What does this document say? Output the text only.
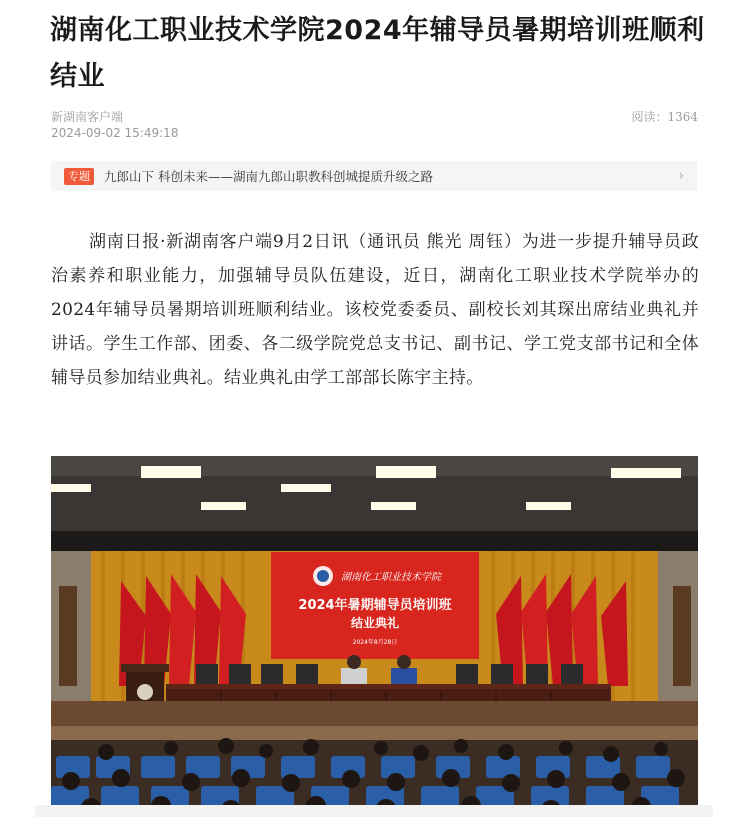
湖南化工职业技术学院2024年辅导员暑期培训班顺利结业
新湖南客户端
2024-09-02 15:49:18
阅读：1364
专题	九郎山下 科创未来——湖南九郎山职教科创城提质升级之路	›
湖南日报·新湖南客户端9月2日讯（通讯员 熊光 周钰）为进一步提升辅导员政治素养和职业能力，加强辅导员队伍建设，近日，湖南化工职业技术学院举办的2024年辅导员暑期培训班顺利结业。该校党委委员、副校长刘其琛出席结业典礼并讲话。学生工作部、团委、各二级学院党总支书记、副书记、学工党支部书记和全体辅导员参加结业典礼。结业典礼由学工部部长陈宇主持。
湖南化工职业技术学院
2024年暑期辅导员培训班
结业典礼
2024年8月28日
